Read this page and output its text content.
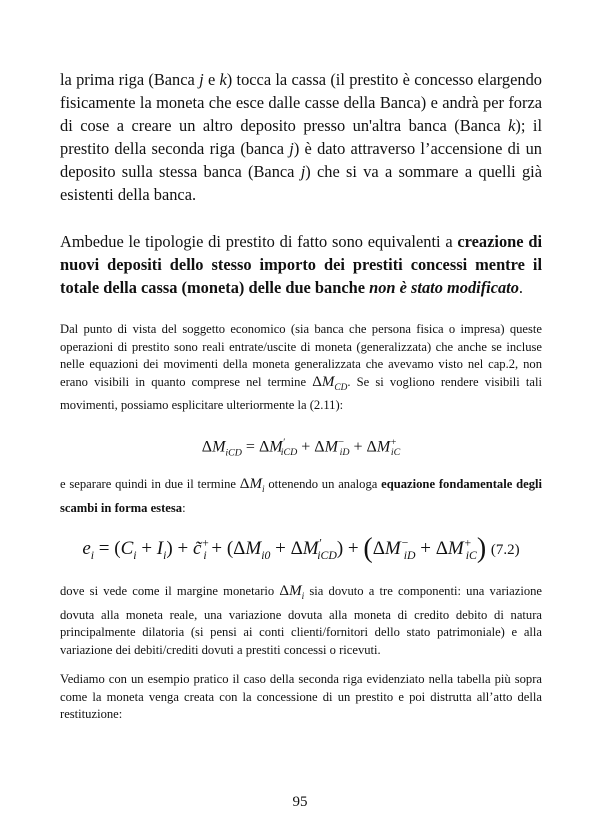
la prima riga (Banca j e k) tocca la cassa (il prestito è concesso elargendo fisicamente la moneta che esce dalle casse della Banca) e andrà per forza di cose a creare un altro deposito presso un'altra banca (Banca k); il prestito della seconda riga (banca j) è dato attraverso l’accensione di un deposito sulla stessa banca (Banca j) che si va a sommare a quelli già esistenti della banca.

Ambedue le tipologie di prestito di fatto sono equivalenti a creazione di nuovi depositi dello stesso importo dei prestiti concessi mentre il totale della cassa (moneta) delle due banche non è stato modificato.

Dal punto di vista del soggetto economico (sia banca che persona fisica o impresa) queste operazioni di prestito sono reali entrate/uscite di moneta (generalizzata) che anche se incluse nelle equazioni dei movimenti della moneta generalizzata che avevamo visto nel cap.2, non erano visibili in quanto comprese nel termine $\Delta M_{CD}$. Se si vogliono rendere visibili tali movimenti, possiamo esplicitare ulteriormente la (2.11):

$\Delta M_{iCD} = \Delta M'_{iCD} + \Delta M^-_{iD} + \Delta M^+_{iC}$

e separare quindi in due il termine $\Delta M_i$ ottenendo un analoga equazione fondamentale degli scambi in forma estesa:

$e_i = (C_i + I_i)$ + $c̃^+_i + (\Delta M_{i0} + \Delta M'_{iCD}) + (\Delta M^-_{iD} + \Delta M^+_{iC})$ (7.2)

dove si vede come il margine monetario $\Delta M_i$ sia dovuto a tre componenti: una variazione dovuta alla moneta reale, una variazione dovuta alla moneta di credito debito di natura principalmente dilatoria (si pensi ai conti clienti/fornitori dello stato patrimoniale) e alla variazione dei debiti/crediti dovuti a prestiti concessi o ricevuti.

Vediamo con un esempio pratico il caso della seconda riga evidenziato nella tabella più sopra come la moneta venga creata con la concessione di un prestito e poi distrutta all’atto della restituzione:

95
